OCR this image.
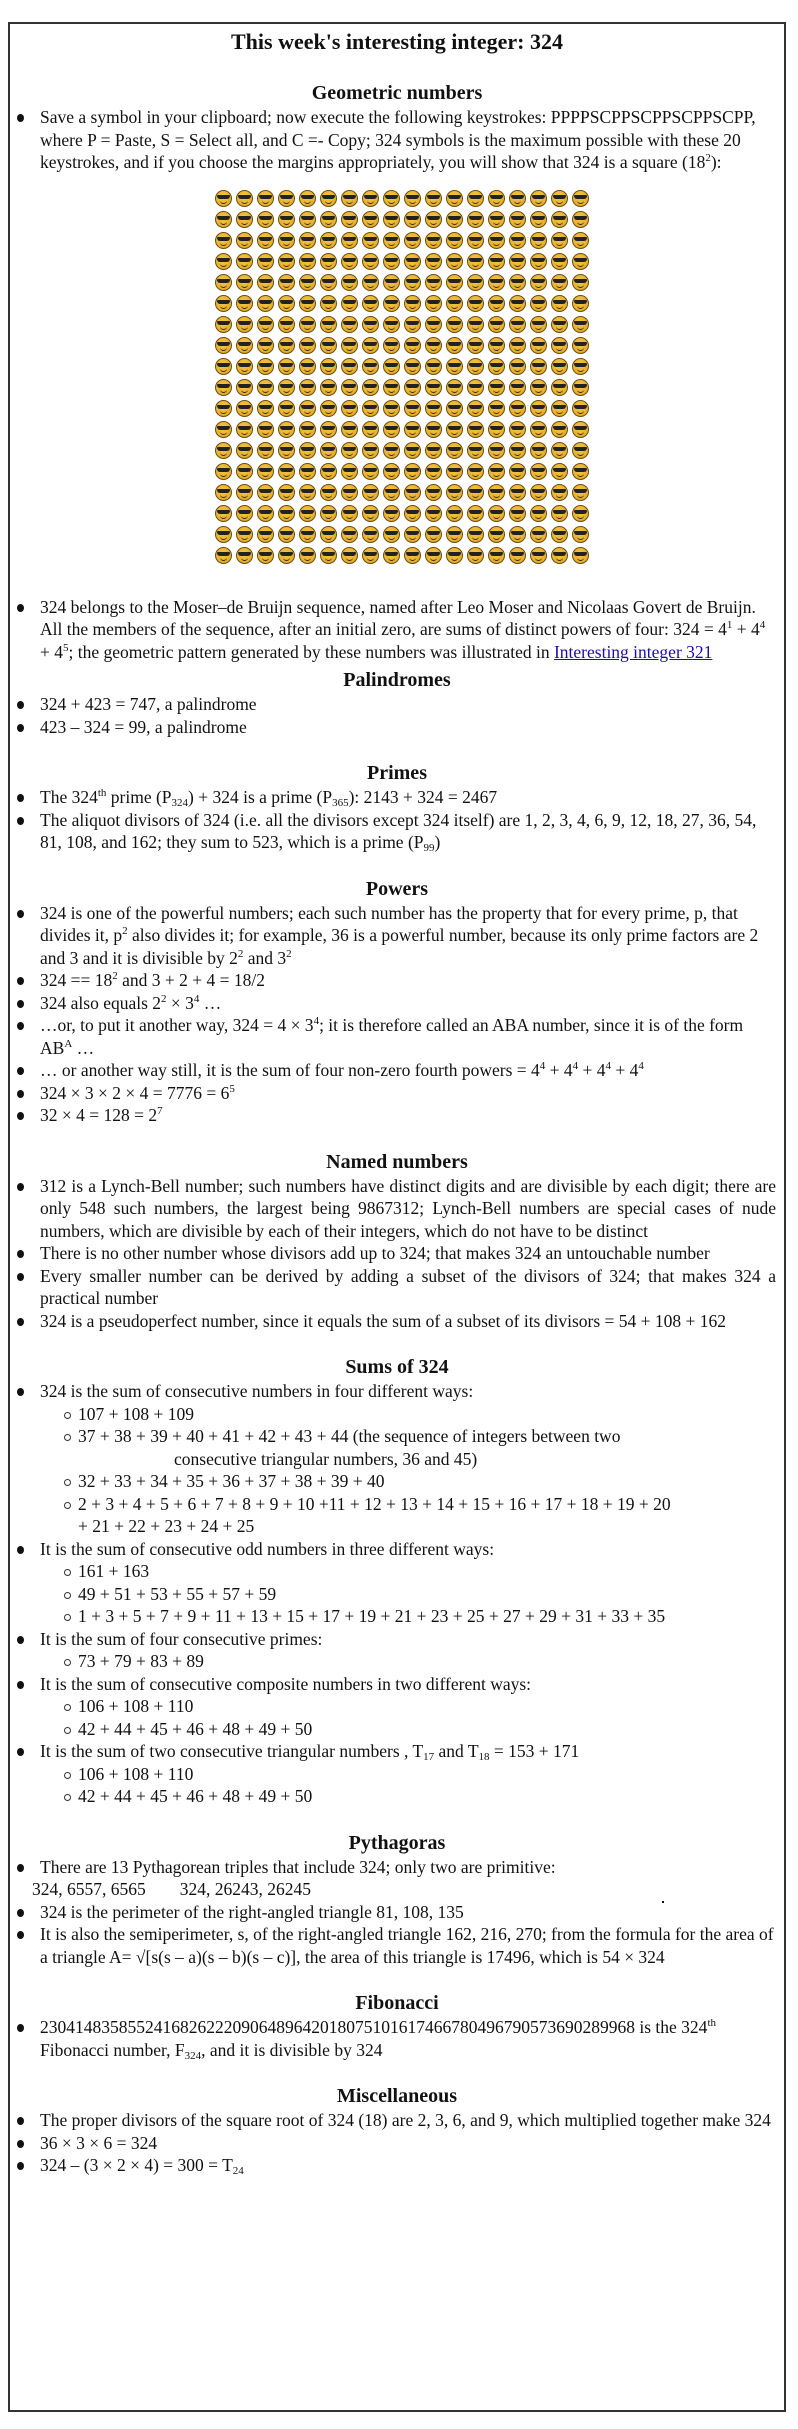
This week's interesting integer: 324
Geometric numbers
Save a symbol in your clipboard; now execute the following keystrokes: PPPPSCPPSCPPSCPPSCPP, where P = Paste, S = Select all, and C =- Copy; 324 symbols is the maximum possible with these 20 keystrokes, and if you choose the margins appropriately, you will show that 324 is a square $(18^2)$:
324 belongs to the Moser–de Bruijn sequence, named after Leo Moser and Nicolaas Govert de Bruijn. All the members of the sequence, after an initial zero, are sums of distinct powers of four: $324 = 4^1 + 4^4 + 4^5$; the geometric pattern generated by these numbers was illustrated in Interesting integer 321
Palindromes
324 + 423 = 747, a palindrome
423 – 324 = 99, a palindrome
Primes
The 324th prime $(P_{324}) + 324$ is a prime $(P_{365})$: 2143 + 324 = 2467
The aliquot divisors of 324 (i.e. all the divisors except 324 itself) are 1, 2, 3, 4, 6, 9, 12, 18, 27, 36, 54, 81, 108, and 162; they sum to 523, which is a prime $(P_{99})$
Powers
324 is one of the powerful numbers; each such number has the property that for every prime, p, that divides it, $p^2$ also divides it; for example, 36 is a powerful number, because its only prime factors are 2 and 3 and it is divisible by $2^2$ and $3^2$
$324 == 18^2$ and 3 + 2 + 4 = 18/2
324 also equals $2^2 \times 3^4$ …
…or, to put it another way, $324 = 4 \times 3^4$; it is therefore called an ABA number, since it is of the form $AB^A$ …
… or another way still, it is the sum of four non-zero fourth powers = $4^4 + 4^4 + 4^4 + 4^4$
$324 \times 3 \times 2 \times 4 = 7776 = 6^5$
$32 \times 4 = 128 = 2^7$
Named numbers
312 is a Lynch-Bell number; such numbers have distinct digits and are divisible by each digit; there are only 548 such numbers, the largest being 9867312; Lynch-Bell numbers are special cases of nude numbers, which are divisible by each of their integers, which do not have to be distinct
There is no other number whose divisors add up to 324; that makes 324 an untouchable number
Every smaller number can be derived by adding a subset of the divisors of 324; that makes 324 a practical number
324 is a pseudoperfect number, since it equals the sum of a subset of its divisors = 54 + 108 + 162
Sums of 324
324 is the sum of consecutive numbers in four different ways:
107 + 108 + 109
37 + 38 + 39 + 40 + 41 + 42 + 43 + 44 (the sequence of integers between two
consecutive triangular numbers, 36 and 45)
32 + 33 + 34 + 35 + 36 + 37 + 38 + 39 + 40
2 + 3 + 4 + 5 + 6 + 7 + 8 + 9 + 10 +11 + 12 + 13 + 14 + 15 + 16 + 17 + 18 + 19 + 20
+ 21 + 22 + 23 + 24 + 25
It is the sum of consecutive odd numbers in three different ways:
161 + 163
49 + 51 + 53 + 55 + 57 + 59
1 + 3 + 5 + 7 + 9 + 11 + 13 + 15 + 17 + 19 + 21 + 23 + 25 + 27 + 29 + 31 + 33 + 35
It is the sum of four consecutive primes:
73 + 79 + 83 + 89
It is the sum of consecutive composite numbers in two different ways:
106 + 108 + 110
42 + 44 + 45 + 46 + 48 + 49 + 50
It is the sum of two consecutive triangular numbers , $T_{17}$ and $T_{18} = 153 + 171$
106 + 108 + 110
42 + 44 + 45 + 46 + 48 + 49 + 50
Pythagoras
There are 13 Pythagorean triples that include 324; only two are primitive:
324, 6557, 6565 324, 26243, 26245
324 is the perimeter of the right-angled triangle 81, 108, 135
It is also the semiperimeter, s, of the right-angled triangle 162, 216, 270; from the formula for the area of a triangle A= √[s(s – a)(s – b)(s – c)], the area of this triangle is 17496, which is 54 × 324
Fibonacci
23041483585524168262220906489642018075101617466780496790573690289968 is the 324th Fibonacci number, $F_{324}$, and it is divisible by 324
Miscellaneous
The proper divisors of the square root of 324 (18) are 2, 3, 6, and 9, which multiplied together make 324
36 × 3 × 6 = 324
$324 - (3 \times 2 \times 4) = 300 = T_{24}$
